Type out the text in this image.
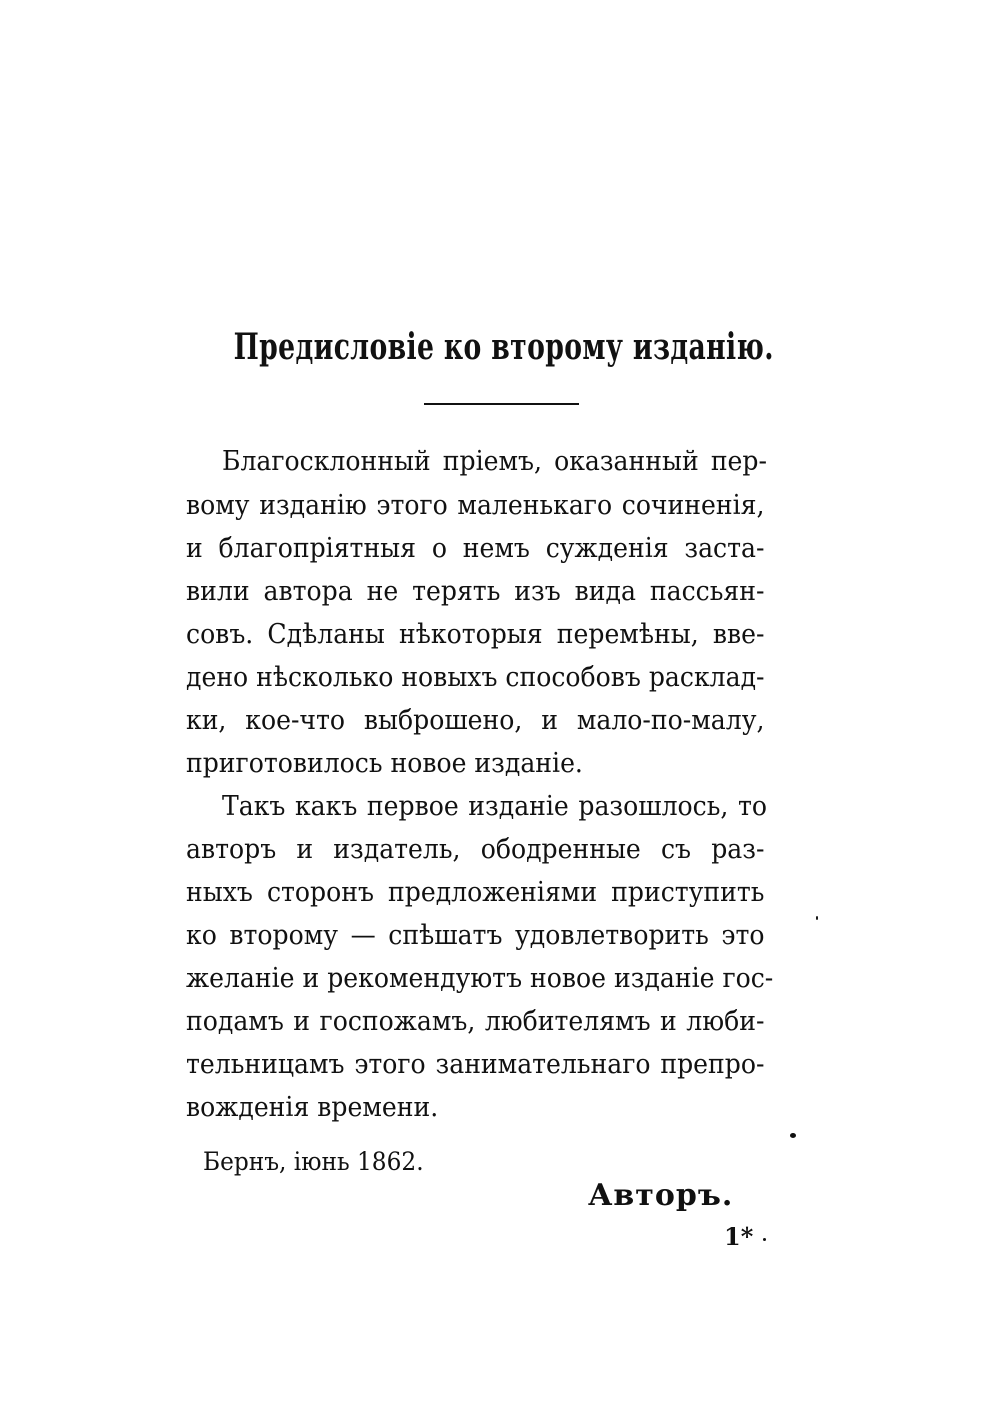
Предисловіе ко второму изданію.
Благосклонный пріемъ, оказанный пер-
вому изданію этого маленькаго сочиненія,
и благопріятныя о немъ сужденія заста-
вили автора не терять изъ вида пассьян-
совъ. Сдѣланы нѣкоторыя перемѣны, вве-
дено нѣсколько новыхъ способовъ расклад-
ки, кое-что выброшено, и мало-по-малу,
приготовилось новое изданіе.
Такъ какъ первое изданіе разошлось, то
авторъ и издатель, ободренные съ раз-
ныхъ сторонъ предложеніями приступить
ко второму — спѣшатъ удовлетворить это
желаніе и рекомендуютъ новое изданіе гос-
подамъ и госпожамъ, любителямъ и люби-
тельницамъ этого занимательнаго препро-
вожденія времени.
Бернъ, іюнь 1862.
Авторъ.
1*
